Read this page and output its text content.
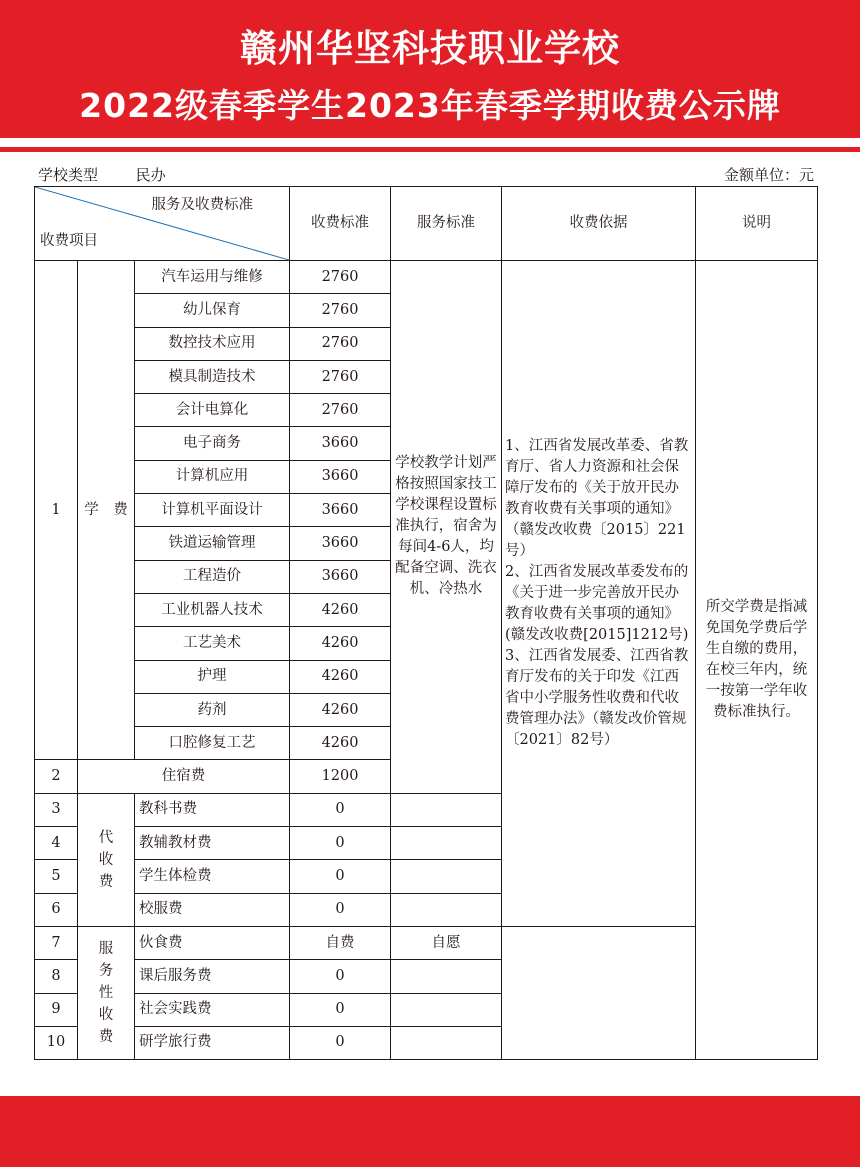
赣州华坚科技职业学校
2022级春季学生2023年春季学期收费公示牌
学校类型	民办	金额单位：元
服务及收费标准
收费项目			收费标准	服务标准	收费依据	说明
1	学　费	汽车运用与维修	2760	学校教学计划严格按照国家技工学校课程设置标准执行，宿舍为每间4-6人，均配备空调、洗衣机、冷热水	1、江西省发展改革委、省教育厅、省人力资源和社会保障厅发布的《关于放开民办教育收费有关事项的通知》（赣发改收费〔2015〕221号）
2、江西省发展改革委发布的《关于进一步完善放开民办教育收费有关事项的通知》(赣发改收费[2015]1212号)
3、江西省发展委、江西省教育厅发布的关于印发《江西省中小学服务性收费和代收费管理办法》（赣发改价管规〔2021〕82号）	所交学费是指减免国免学费后学生自缴的费用，在校三年内，统一按第一学年收费标准执行。
		幼儿保育	2760			
		数控技术应用	2760			
		模具制造技术	2760			
		会计电算化	2760			
		电子商务	3660			
		计算机应用	3660			
		计算机平面设计	3660			
		铁道运输管理	3660			
		工程造价	3660			
		工业机器人技术	4260			
		工艺美术	4260			
		护理	4260			
		药剂	4260			
		口腔修复工艺	4260			
2	住宿费		1200			
3	代
收
费	教科书费	0			
4		教辅教材费	0			
5		学生体检费	0			
6		校服费	0			
7	服
务
性
收
费	伙食费	自费	自愿		
8		课后服务费	0			
9		社会实践费	0			
10		研学旅行费	0			
